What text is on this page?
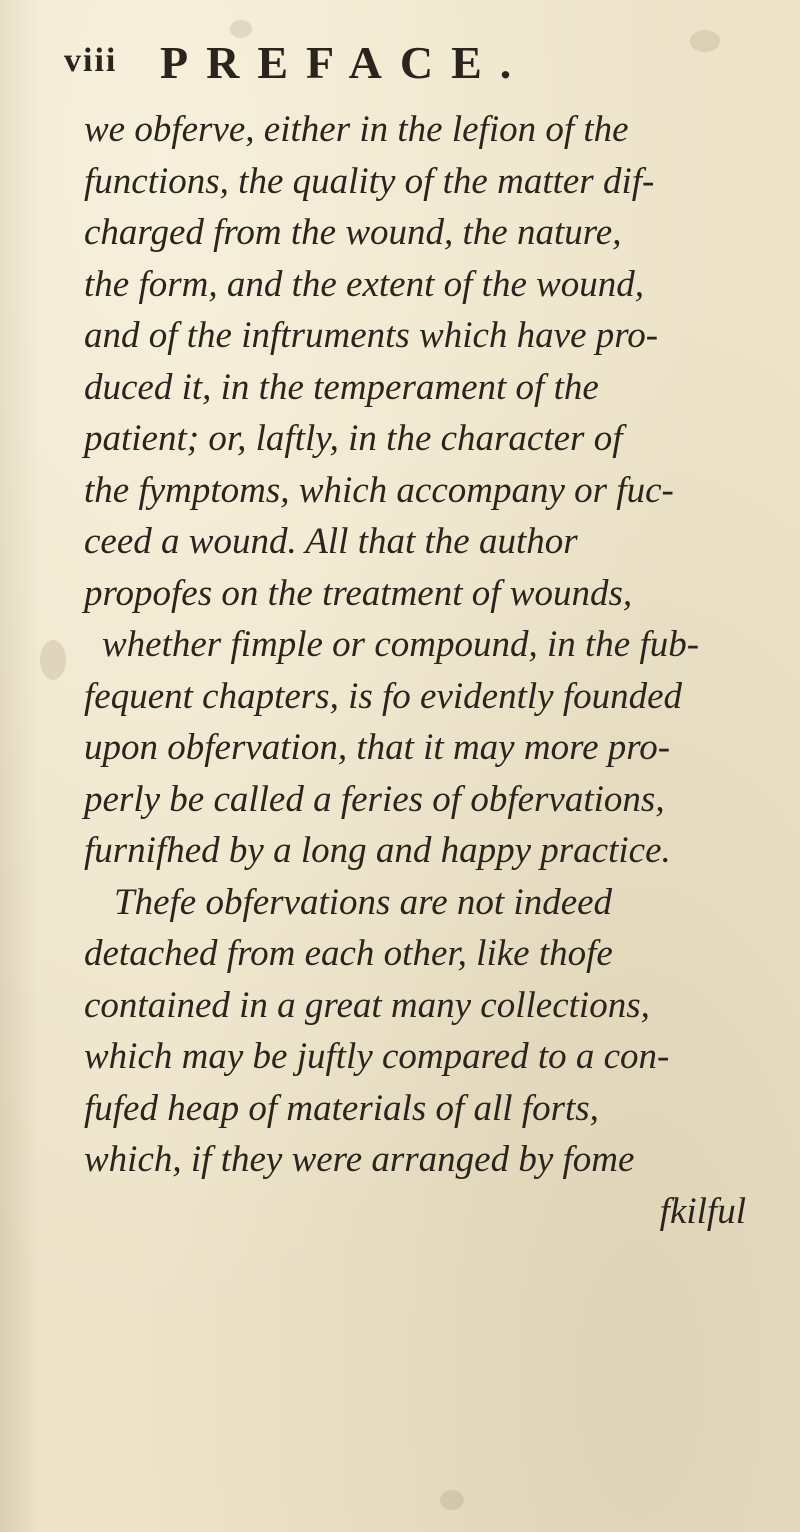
viii PREFACE.
we obferve, either in the lefion of the
functions, the quality of the matter dif-
charged from the wound, the nature,
the form, and the extent of the wound,
and of the inftruments which have pro-
duced it, in the temperament of the
patient; or, laftly, in the character of
the fymptoms, which accompany or fuc-
ceed a wound. All that the author
propofes on the treatment of wounds,
whether fimple or compound, in the fub-
fequent chapters, is fo evidently founded
upon obfervation, that it may more pro-
perly be called a feries of obfervations,
furnifhed by a long and happy practice.
Thefe obfervations are not indeed
detached from each other, like thofe
contained in a great many collections,
which may be juftly compared to a con-
fufed heap of materials of all forts,
which, if they were arranged by fome
fkilful
